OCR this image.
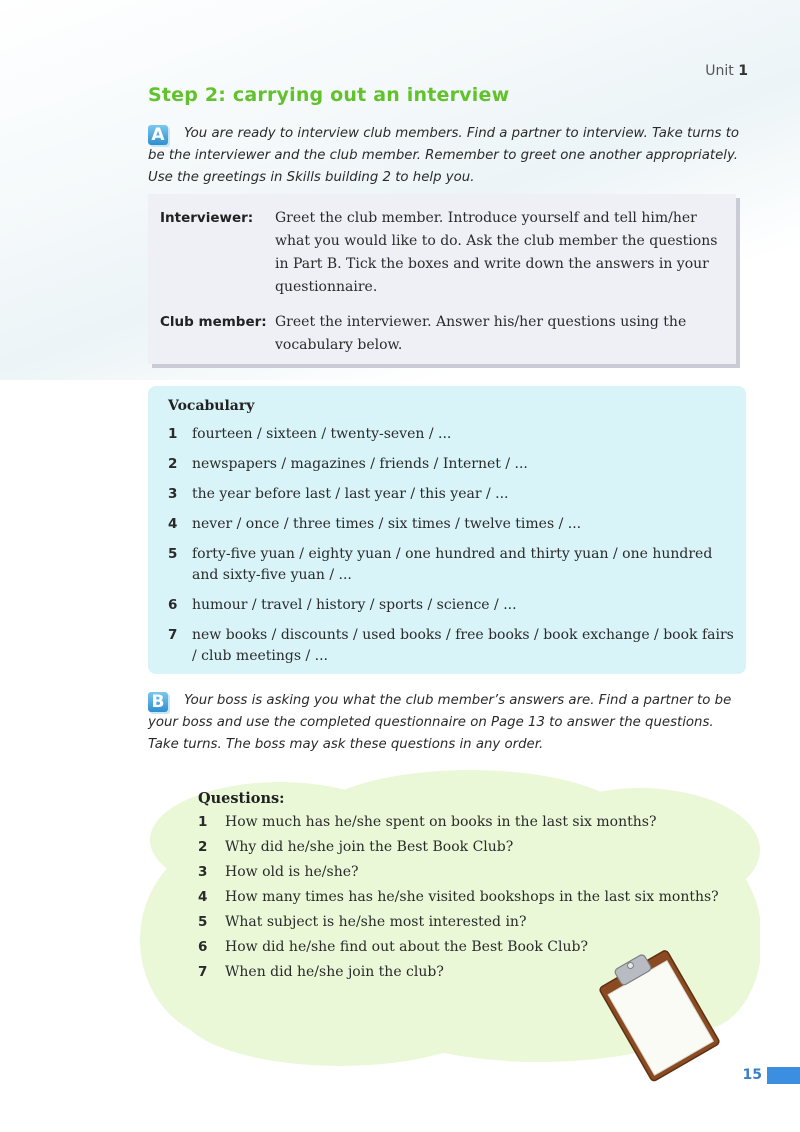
Unit 1
Step 2: carrying out an interview
A	You are ready to interview club members. Find a partner to interview. Take turns to be the interviewer and the club member. Remember to greet one another appropriately. Use the greetings in Skills building 2 to help you.

Interviewer:	Greet the club member. Introduce yourself and tell him/her what you would like to do. Ask the club member the questions in Part B. Tick the boxes and write down the answers in your questionnaire.
Club member: Greet the interviewer. Answer his/her questions using the vocabulary below.
Vocabulary
1	fourteen / sixteen / twenty-seven / ...
2	newspapers / magazines / friends / Internet / ...
3	the year before last / last year / this year / ...
4	never / once / three times / six times / twelve times / ...
5	forty-five yuan / eighty yuan / one hundred and thirty yuan / one hundred and sixty-five yuan / ...
6	humour / travel / history / sports / science / ...
7	new books / discounts / used books / free books / book exchange / book fairs / club meetings / ...
B	Your boss is asking you what the club member’s answers are. Find a partner to be your boss and use the completed questionnaire on Page 13 to answer the questions. Take turns. The boss may ask these questions in any order.

Questions:
1	How much has he/she spent on books in the last six months?
2	Why did he/she join the Best Book Club?
3	How old is he/she?
4	How many times has he/she visited bookshops in the last six months?
5	What subject is he/she most interested in?
6	How did he/she find out about the Best Book Club?
7	When did he/she join the club?
15
